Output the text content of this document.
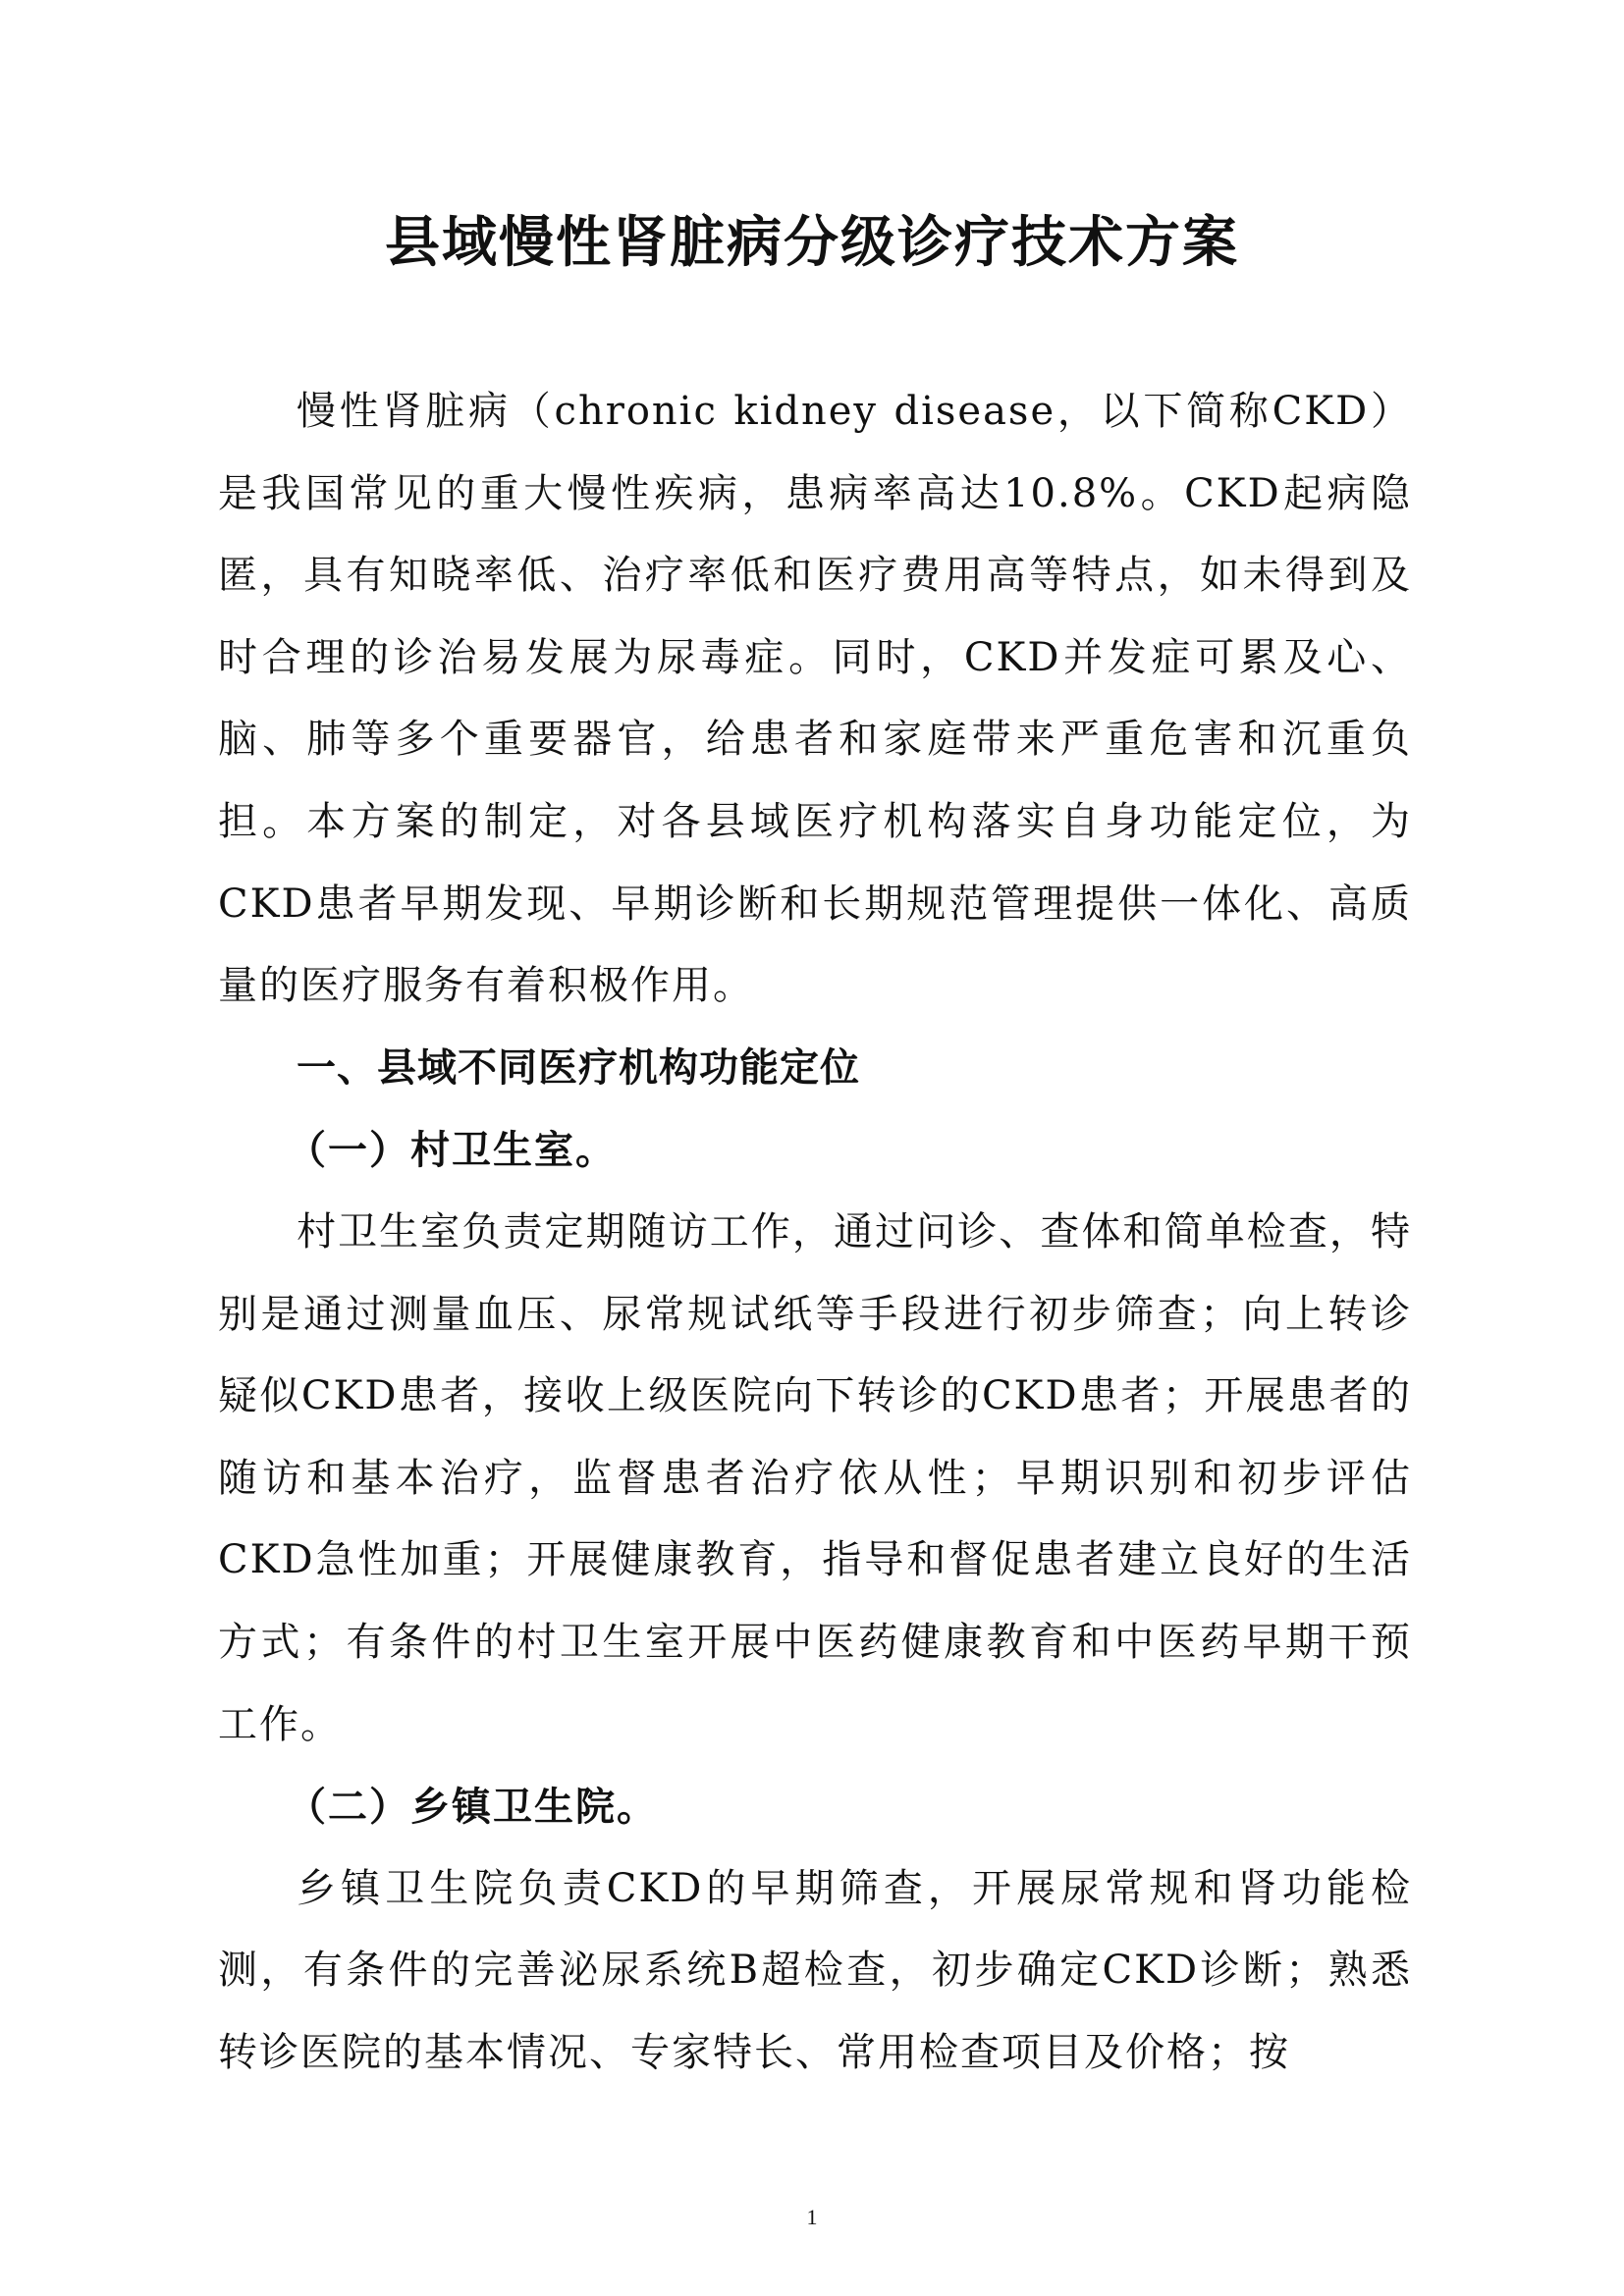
县域慢性肾脏病分级诊疗技术方案

慢性肾脏病（chronic kidney disease，以下简称CKD）是我国常见的重大慢性疾病，患病率高达10.8%。CKD起病隐匿，具有知晓率低、治疗率低和医疗费用高等特点，如未得到及时合理的诊治易发展为尿毒症。同时，CKD并发症可累及心、脑、肺等多个重要器官，给患者和家庭带来严重危害和沉重负担。本方案的制定，对各县域医疗机构落实自身功能定位，为CKD患者早期发现、早期诊断和长期规范管理提供一体化、高质量的医疗服务有着积极作用。

一、县域不同医疗机构功能定位

（一）村卫生室。

村卫生室负责定期随访工作，通过问诊、查体和简单检查，特别是通过测量血压、尿常规试纸等手段进行初步筛查；向上转诊疑似CKD患者，接收上级医院向下转诊的CKD患者；开展患者的随访和基本治疗，监督患者治疗依从性；早期识别和初步评估CKD急性加重；开展健康教育，指导和督促患者建立良好的生活方式；有条件的村卫生室开展中医药健康教育和中医药早期干预工作。

（二）乡镇卫生院。

乡镇卫生院负责CKD的早期筛查，开展尿常规和肾功能检测，有条件的完善泌尿系统B超检查，初步确定CKD诊断；熟悉转诊医院的基本情况、专家特长、常用检查项目及价格；按

1
